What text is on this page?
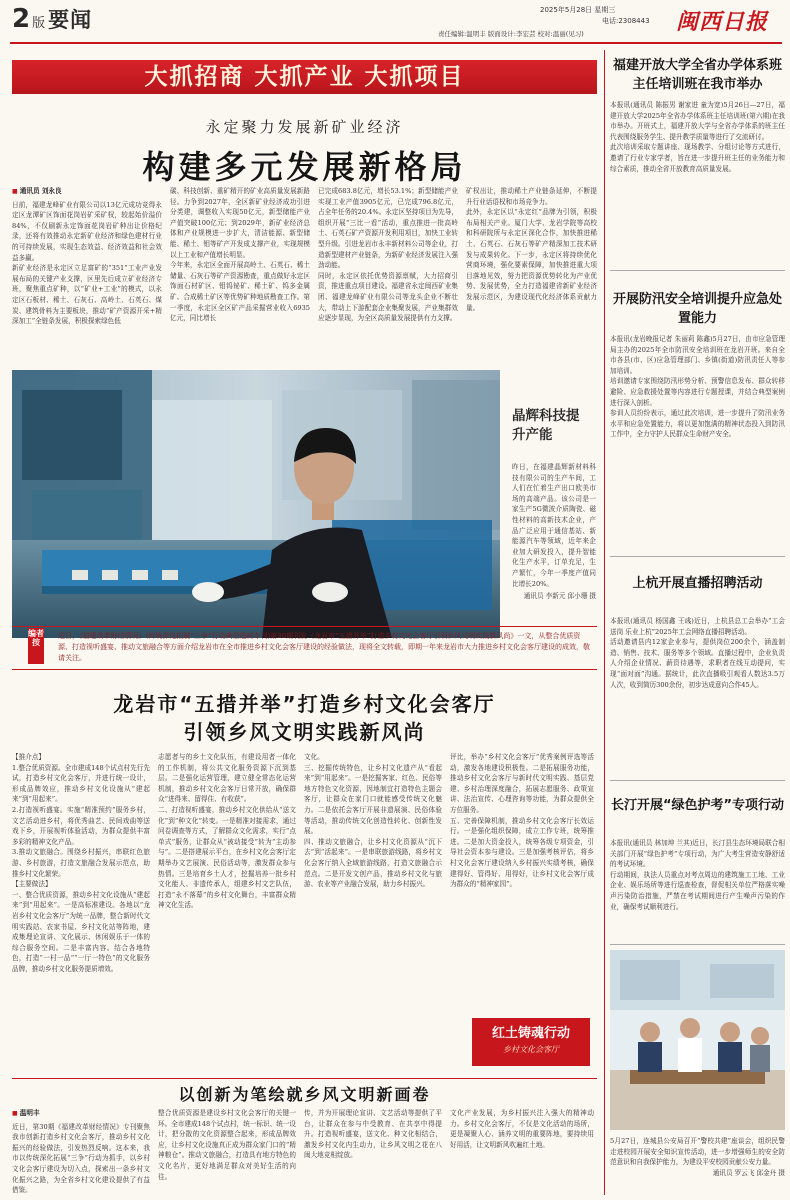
2 版 要闻	2025年5月28日 星期三
电话:2308443
责任编辑:温明丰 版面设计:李宏芸 校对:温丽(见习)	闽西日报
大抓招商 大抓产业 大抓项目
永定聚力发展新矿业经济
构建多元发展新格局
■ 通讯员 刘永良
日前，福建龙峰矿业有限公司以13亿元成功竞得永定区龙潭矿区饰面花岗岩矿采矿权，较起始价溢价84%，不仅刷新永定饰面花岗岩矿种出让价格纪录，还将有效推动永定新矿业经济和绿色建材行业的可持续发展，实现生态效益、经济效益和社会效益多赢。
新矿业经济是永定区立足富矿的“351”工业产业发展布局的关键产业支撑，区里先后成立矿业经济专班，聚焦重点矿种，以“矿业+工业”的模式，以永定区石板材、稀土、石灰石、高岭土、石英石、煤炭、建筑骨料为主要板块，推动“矿产资源开采+精深加工”全链条发展，积极探索绿色低
碳、科技创新、重矿精开的矿业高质量发展新路径。力争到2027年，全区新矿业经济成功引进分类建，调整收入实现50亿元，新型储能产业产值突破100亿元；到2029年，新矿业经济总体和产业规模进一步扩大，清洁能源、新型储能、稀土、钼等矿产开发成支撑产业，实现规模以上工业和产值增长明显。
今年来，永定区全面开展高岭土、石英石、稀土储量、石灰石等矿产资源勘查，重点做好永定区饰面石材矿区、钼钨铋矿、稀土矿、钨多金属矿、合成稀土矿区等优势矿种地质勘查工作。第一季度，永定区全区矿产品采掘营业收入6935亿元，同比增长
已完成683.8亿元，增长53.1%；新型储能产业实现工业产值3905亿元，已完成796.8亿元，占全年任务的20.4%。永定区坚持项目为先导，组织开展“三比一看”活动，重点推进一批高岭土、石英石矿产资源开发利用项目，加快工业转型升级。引进龙岩市永丰新材料公司等企业，打造新型建材产业链条，为新矿业经济发展注入强劲动能。
同时，永定区依托优势资源禀赋，大力招商引资，推进重点项目建设。福建省永定闽西矿业集团、福建龙峰矿业有限公司等龙头企业不断壮大，带动上下游配套企业集聚发展，产业集群效应逐步显现，为全区高质量发展提供有力支撑。
矿权出让，推动稀土产业链条延伸，不断提升行业话语权和市场竞争力。
此外，永定区以“永定红”品牌为引领，积极布局相关产业。厦门大学、龙岩学院等高校和科研院所与永定区深化合作，加快推进稀土、石英石、石灰石等矿产精深加工技术研发与成果转化。下一步，永定区将持续优化营商环境，强化要素保障，加快推进重大项目落地见效，努力把资源优势转化为产业优势、发展优势，全力打造福建省新矿业经济发展示范区，为建设现代化经济体系贡献力量。
晶辉科技提升产能
昨日，在福建晶辉新材料科技有限公司的生产车间，工人们在忙着生产出口欧美市场的高端产品。该公司是一家生产5G微波介质陶瓷、磁性材料的高新技术企业，产品广泛应用于通信基站、新能源汽车等领域，近年来企业加大研发投入，提升智能化生产水平，订单充足，生产繁忙，今年一季度产值同比增长20%。
通讯员 李新元 邱小珊 摄
编者按
近日，《福建改革财经情况》(传统深化拓展“三争”行动典型选树专刊)第30期刊发《龙岩市“五措并举”打造乡村文化会客厅引领乡风文明实践新风尚》一文，从整合优质资源、打造视听盛宴、推动文旅融合等方面介绍龙岩市在全市推进乡村文化会客厅建设的经验做法，现将全文转载，即期一年来龙岩市大力推进乡村文化会客厅建设的成效，敬请关注。
龙岩市“五措并举”打造乡村文化会客厅
引领乡风文明实践新风尚
【推介点】
1.整合优质资源。全市建成148个试点村先行先试，打造乡村文化会客厅，并进行统一设计，形成品牌效应，推动乡村文化设施从“建起来”到“用起来”。
2.打造视听盛宴。实施“精准预约”服务乡村，文艺活动进乡村，将优秀曲艺、民间戏曲等送戏下乡，开展视听体验活动，为群众提供丰富多彩的精神文化产品。
3.推动文旅融合。围绕乡村振兴，串联红色旅游、乡村旅游，打造文旅融合发展示范点，助推乡村文化繁荣。
【主要做法】
一、整合优质资源，推动乡村文化设施从“建起来”到“用起来”。一是高标准建设。各地以“龙岩乡村文化会客厅”为统一品牌，整合新时代文明实践站、农家书屋、乡村文化站等阵地，建成集理论宣讲、文化展示、休闲娱乐于一体的综合服务空间。二是丰富内容。结合各地特色，打造“一村一品”“一厅一特色”的文化服务品牌，推动乡村文化服务提质增效。
志愿者与的乡土文化队伍，有建设用者一体化的工作机制，将公共文化服务资源下沉到基层。二是强化运营管理，建立健全常态化运营机制，推动乡村文化会客厅日常开放，确保群众“进得来、留得住、有收获”。
二、打造视听盛宴，推动乡村文化供给从“送文化”到“种文化”转变。一是精准对接需求，通过问卷调查等方式，了解群众文化需求，实行“点单式”服务，让群众从“被动接受”转为“主动参与”。二是搭建展示平台，在乡村文化会客厅定期举办文艺展演、民俗活动等，激发群众参与热情。三是培育乡土人才，挖掘培养一批乡村文化能人、非遗传承人，组建乡村文艺队伍，打造“永不落幕”的乡村文化舞台，丰富群众精神文化生活。
文化。
三、挖掘传统特色，让乡村文化遗产从“看起来”到“用起来”。一是挖掘客家、红色、民俗等地方特色文化资源，因地制宜打造特色主题会客厅，让群众在家门口就能感受传统文化魅力。二是依托会客厅开展非遗展演、民俗体验等活动，推动传统文化创造性转化、创新性发展。
四、推动文旅融合，让乡村文化资源从“沉下去”到“活起来”。一是串联旅游线路，将乡村文化会客厅纳入全域旅游线路，打造文旅融合示范点。二是开发文创产品，推动乡村文化与旅游、农业等产业融合发展，助力乡村振兴。
评比，举办“乡村文化会客厅”优秀案例评选等活动，激发各地建设积极性。二是拓展服务功能，推动乡村文化会客厅与新时代文明实践、基层党建、乡村治理深度融合，拓展志愿服务、政策宣讲、法治宣传、心理咨询等功能，为群众提供全方位服务。
五、完善保障机制，推动乡村文化会客厅长效运行。一是强化组织保障，成立工作专班，统筹推进。二是加大资金投入，统筹各级专项资金，引导社会资本参与建设。三是加强考核评估，将乡村文化会客厅建设纳入乡村振兴实绩考核，确保建得好、管得好、用得好，让乡村文化会客厅成为群众的“精神家园”。
红土铸魂行动
乡村文化会客厅
以创新为笔绘就乡风文明新画卷
■ 温明丰
近日，第30期《福建改革财经情况》专刊聚焦我市创新打造乡村文化会客厅，推动乡村文化振兴的经验做法，引发热烈反响。这本来，我市以传统深化拓展“三争”行动为抓手，以乡村文化会客厅建设为切入点，探索出一条乡村文化振兴之路，为全省乡村文化建设提供了有益借鉴。
整合优质资源是建设乡村文化会客厅的关键一环。全市建成148个试点村，统一标识、统一设计，把分散的文化资源整合起来，形成品牌效应，让乡村文化设施真正成为群众家门口的“精神粮仓”。推动文旅融合，打造具有地方特色的文化名片，更好地满足群众对美好生活的向往。
传，并为开展理论宣讲、文艺活动等提供了平台，让群众在参与中受教育、在共享中得提升。打造视听盛宴，送文化、种文化相结合，激发乡村文化内生动力，让乡风文明之花在八闽大地竞相绽放。
文化产业发展，为乡村振兴注入强大的精神动力。乡村文化会客厅，不仅是文化活动的场所，更是凝聚人心、涵养文明的重要阵地，要持续用好用活，让文明新风吹遍红土地。
福建开放大学全省办学体系班主任培训班在我市举办
本报讯(通讯员 陈振男 谢家进 童为宽)5月26日—27日，福建开放大学2025年全省办学体系班主任培训班(第六期)在我市举办。开班式上，福建开放大学与全省办学体系的班主任代表围绕服务学生、提升教学质量等进行了交流研讨。
此次培训采取专题讲座、现场教学、分组讨论等方式进行，邀请了行业专家学者，旨在进一步提升班主任的业务能力和综合素质，推动全省开放教育高质量发展。
开展防汛安全培训提升应急处置能力
本报讯(龙岩晚报记者 朱丽莉 陈鑫)5月27日，由市应急管理局主办的2025年全市防汛安全培训班在龙岩开班。来自全市各县(市、区)应急管理部门、乡镇(街道)防汛责任人等参加培训。
培训邀请专家围绕防汛形势分析、预警信息发布、群众转移避险、应急救援处置等内容进行专题授课，并结合典型案例进行深入剖析。
参训人员纷纷表示，通过此次培训，进一步提升了防汛业务水平和应急处置能力，将以更加饱满的精神状态投入到防汛工作中，全力守护人民群众生命财产安全。
上杭开展直播招聘活动
本报讯(通讯员 杨国鑫 王彧)近日，上杭县总工会举办“工会送岗 乐业上杭”2025年工会网络直播招聘活动。
活动邀请县内12家企业参与，提供岗位200余个，涵盖制造、销售、技术、服务等多个领域。直播过程中，企业负责人介绍企业情况、薪资待遇等，求职者在线互动提问，实现“面对面”沟通。据统计，此次直播吸引观看人数达3.5万人次，收到简历300余份，初步达成意向合作45人。
长汀开展“绿色护考”专项行动
本报讯(通讯员 林加坤 兰其)近日，长汀县生态环境局联合相关部门开展“绿色护考”专项行动，为广大考生营造安静舒适的考试环境。
行动期间，执法人员重点对考点周边的建筑施工工地、工业企业、娱乐场所等进行巡查检查，督促相关单位严格落实噪声污染防治措施，严禁在考试期间进行产生噪声污染的作业，确保考试顺利进行。
5月27日，连城县公安局召开“警校共建”座谈会，组织民警走进校园开展安全知识宣传活动，进一步增强师生的安全防范意识和自我保护能力，为建设平安校园贡献公安力量。
通讯员 罗云飞 邱金丹 摄
